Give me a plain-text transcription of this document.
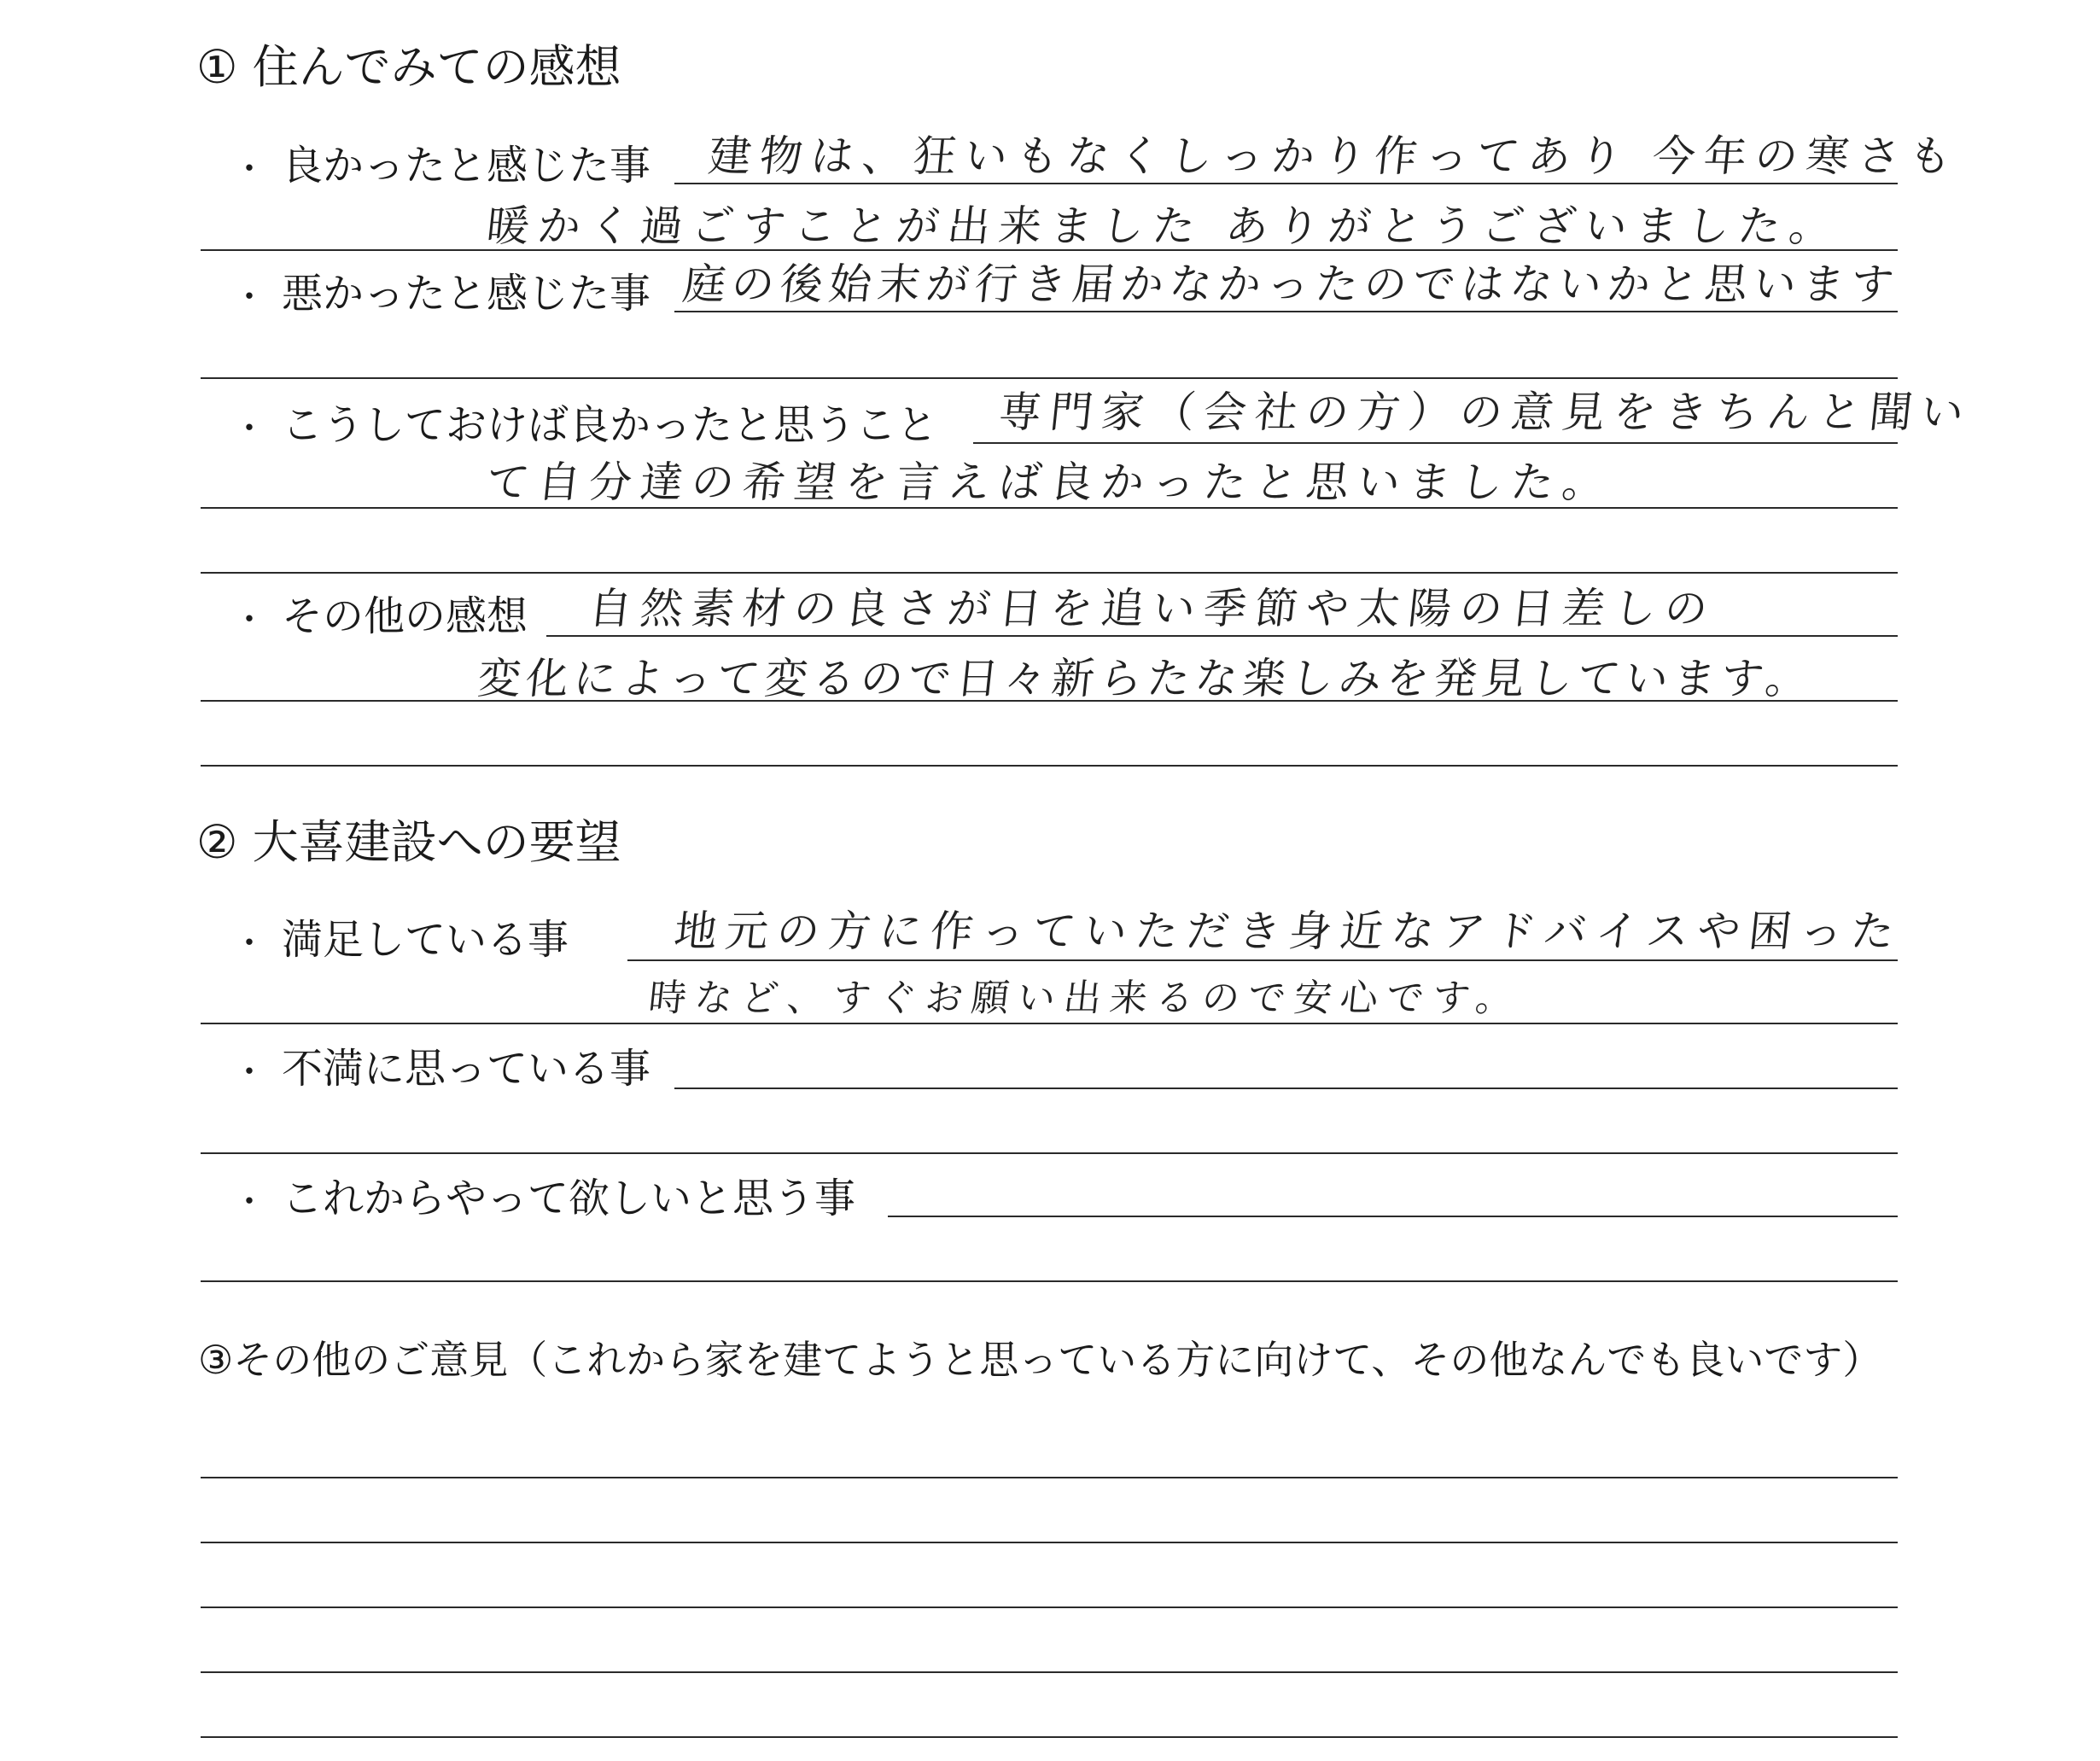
① 住んでみての感想
・ 良かったと感じた事 建物は、狂いもなくしっかり作ってあり 今年の寒さも
暖かく過ごすことが出来ました ありがとうございました。
・ 悪かったと感じた事 庭の後始末が行き届かなかったのではないかと思います
・ こうしておけば良かったと思うこと 専門家（会社の方）の意見をきちんと聞い
て自分達の希望を言えば良かったと思いました。
・ その他の感想 自然素材の良さが日を追い季節や太陽の日差しの
変化によって変るので日々新らたな楽しみを発見しています。
② 大喜建設への要望
・ 満足している事 地元の方に作っていただき身近なアドバイスや困った
時など、すぐお願い出来るので安心です。
・ 不満に思っている事
・ これからやって欲しいと思う事
③その他のご意見（これから家を建てようと思っている方に向けて、その他なんでも良いです）
